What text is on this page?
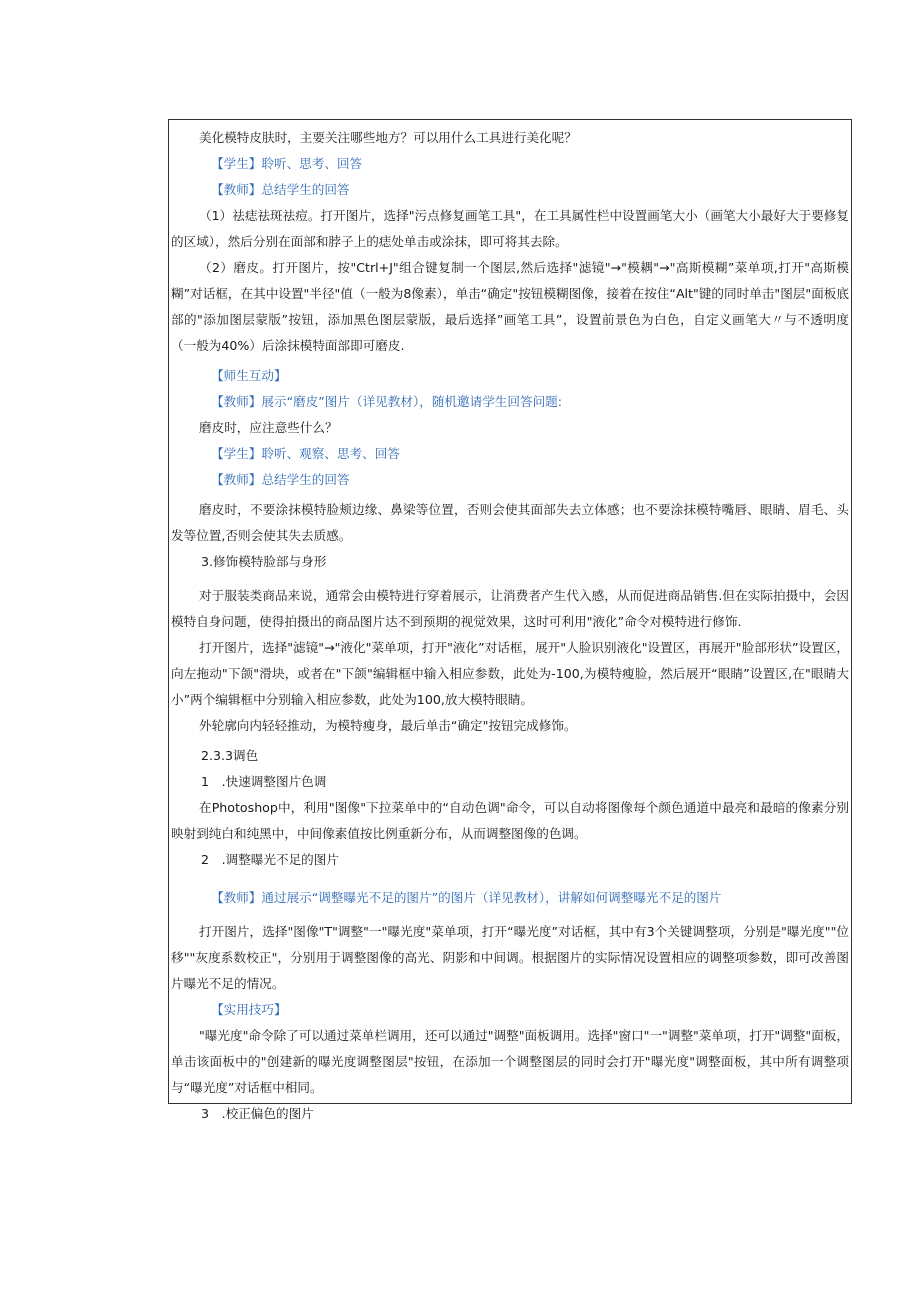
美化模特皮肤时，主要关注哪些地方？可以用什么工具进行美化呢？

【学生】聆听、思考、回答

【教师】总结学生的回答

（1）祛痣祛斑祛痘。打开图片，选择"污点修复画笔工具"，在工具属性栏中设置画笔大小（画笔大小最好大于要修复的区域），然后分别在面部和脖子上的痣处单击或涂抹，即可将其去除。

（2）磨皮。打开图片，按"Ctrl+J"组合键复制一个图层,然后选择"滤镜"→"模耦"→"高斯模糊”菜单项,打开"高斯模糊”对话框，在其中设置"半径"值（一般为8像素），单击“确定"按钮模糊图像，接着在按住“Alt"键的同时单击"图层"面板底部的"添加图层蒙版”按钮，添加黑色图层蒙版，最后选择”画笔工具”，设置前景色为白色，自定义画笔大〃与不透明度（一般为40%）后涂抹模特面部即可磨皮.

【师生互动】

【教师】展示“磨皮”图片（详见教材），随机邀请学生回答问题:

磨皮时，应注意些什么？

【学生】聆听、观察、思考、回答

【教师】总结学生的回答

磨皮时，不要涂抹模特脸颊边缘、鼻梁等位置，否则会使其面部失去立体感；也不要涂抹模特嘴唇、眼睛、眉毛、头发等位置,否则会使其失去质感。

3.修饰模特脸部与身形

对于服装类商品来说，通常会由模特进行穿着展示，让消费者产生代入感，从而促进商品销售.但在实际拍摄中，会因模特自身问题，使得拍摄出的商品图片达不到预期的视觉效果，这时可利用"液化”命令对模特进行修饰.

打开图片，选择"滤镜"→"液化"菜单项，打开"液化”对话框，展开"人脸识别液化"设置区，再展开"脸部形状”设置区，向左拖动"下颌"滑块，或者在"下颌"编辑框中输入相应参数，此处为-100,为模特瘦脸，然后展开“眼睛”设置区,在"眼睛大小”两个编辑框中分别输入相应参数，此处为100,放大模特眼睛。

外轮廓向内轻轻推动，为模特瘦身，最后单击“确定"按钮完成修饰。

2.3.3调色

1　.快速调整图片色调

在Photoshop中，利用"图像"下拉菜单中的“自动色调"命令，可以自动将图像每个颜色通道中最亮和最暗的像素分别映射到纯白和纯黑中，中间像素值按比例重新分布，从而调整图像的色调。

2　.调整曝光不足的图片

【教师】通过展示“调整曝光不足的图片”的图片（详见教材），讲解如何调整曝光不足的图片

打开图片，选择"图像"T"调整"一"曝光度"菜单项，打开“曝光度”对话框，其中有3个关键调整项，分别是"曝光度""位移""灰度系数校正"，分别用于调整图像的高光、阴影和中间调。根据图片的实际情况设置相应的调整项参数，即可改善图片曝光不足的情况。

【实用技巧】

"曝光度"命令除了可以通过菜单栏调用，还可以通过"调整"面板调用。选择"窗口"一"调整"菜单项，打开"调整"面板，单击该面板中的"创建新的曝光度调整图层"按钮，在添加一个调整图层的同时会打开"曝光度"调整面板，其中所有调整项与“曝光度”对话框中相同。

3　.校正偏色的图片
